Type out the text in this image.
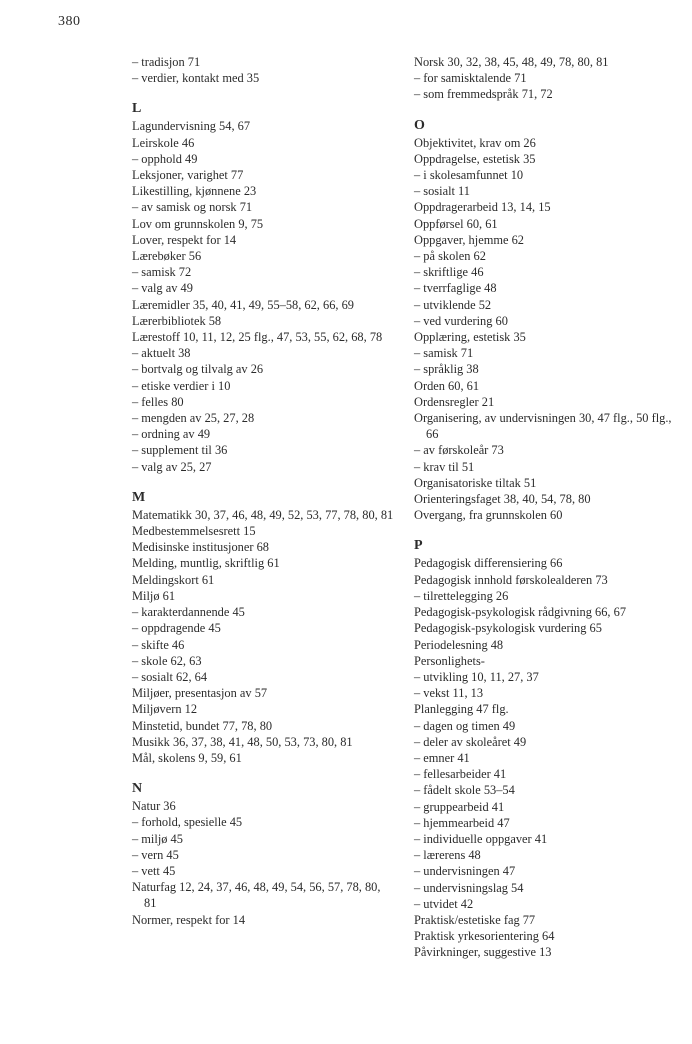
380
– tradisjon 71
– verdier, kontakt med 35
L
Lagundervisning 54, 67
Leirskole 46
– opphold 49
Leksjoner, varighet 77
Likestilling, kjønnene 23
– av samisk og norsk 71
Lov om grunnskolen 9, 75
Lover, respekt for 14
Lærebøker 56
– samisk 72
– valg av 49
Læremidler 35, 40, 41, 49, 55–58, 62, 66, 69
Lærerbibliotek 58
Lærestoff 10, 11, 12, 25 flg., 47, 53, 55, 62, 68, 78
– aktuelt 38
– bortvalg og tilvalg av 26
– etiske verdier i 10
– felles 80
– mengden av 25, 27, 28
– ordning av 49
– supplement til 36
– valg av 25, 27
M
Matematikk 30, 37, 46, 48, 49, 52, 53, 77, 78, 80, 81
Medbestemmelsesrett 15
Medisinske institusjoner 68
Melding, muntlig, skriftlig 61
Meldingskort 61
Miljø 61
– karakterdannende 45
– oppdragende 45
– skifte 46
– skole 62, 63
– sosialt 62, 64
Miljøer, presentasjon av 57
Miljøvern 12
Minstetid, bundet 77, 78, 80
Musikk 36, 37, 38, 41, 48, 50, 53, 73, 80, 81
Mål, skolens 9, 59, 61
N
Natur 36
– forhold, spesielle 45
– miljø 45
– vern 45
– vett 45
Naturfag 12, 24, 37, 46, 48, 49, 54, 56, 57, 78, 80, 81
Normer, respekt for 14
Norsk 30, 32, 38, 45, 48, 49, 78, 80, 81
– for samisktalende 71
– som fremmedspråk 71, 72
O
Objektivitet, krav om 26
Oppdragelse, estetisk 35
– i skolesamfunnet 10
– sosialt 11
Oppdragerarbeid 13, 14, 15
Oppførsel 60, 61
Oppgaver, hjemme 62
– på skolen 62
– skriftlige 46
– tverrfaglige 48
– utviklende 52
– ved vurdering 60
Opplæring, estetisk 35
– samisk 71
– språklig 38
Orden 60, 61
Ordensregler 21
Organisering, av undervisningen 30, 47 flg., 50 flg., 66
– av førskoleår 73
– krav til 51
Organisatoriske tiltak 51
Orienteringsfaget 38, 40, 54, 78, 80
Overgang, fra grunnskolen 60
P
Pedagogisk differensiering 66
Pedagogisk innhold førskolealderen 73
– tilrettelegging 26
Pedagogisk-psykologisk rådgivning 66, 67
Pedagogisk-psykologisk vurdering 65
Periodelesning 48
Personlighets-
– utvikling 10, 11, 27, 37
– vekst 11, 13
Planlegging 47 flg.
– dagen og timen 49
– deler av skoleåret 49
– emner 41
– fellesarbeider 41
– fådelt skole 53–54
– gruppearbeid 41
– hjemmearbeid 47
– individuelle oppgaver 41
– lærerens 48
– undervisningen 47
– undervisningslag 54
– utvidet 42
Praktisk/estetiske fag 77
Praktisk yrkesorientering 64
Påvirkninger, suggestive 13
